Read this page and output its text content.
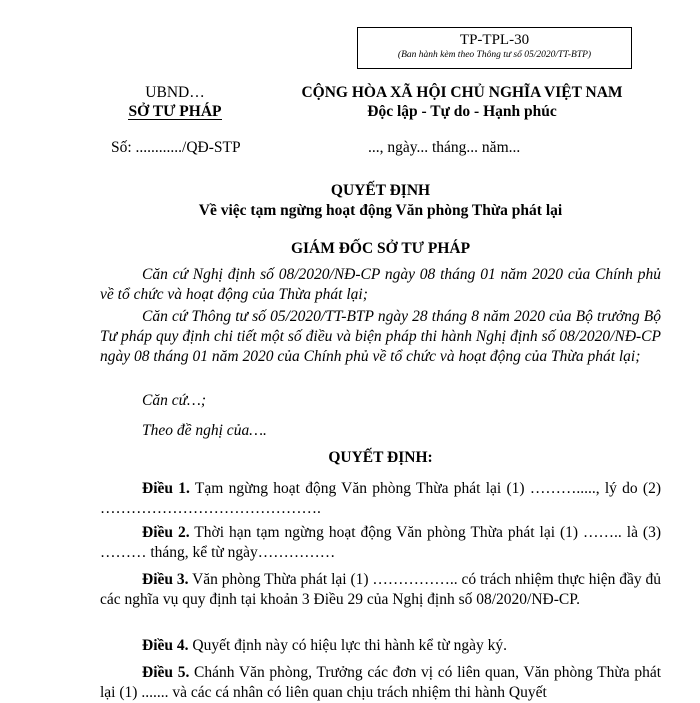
TP-TPL-30
(Ban hành kèm theo Thông tư số 05/2020/TT-BTP)
UBND…
SỞ TƯ PHÁP
CỘNG HÒA XÃ HỘI CHỦ NGHĨA VIỆT NAM
Độc lập - Tự do - Hạnh phúc
Số: ............/QĐ-STP	..., ngày... tháng... năm...
QUYẾT ĐỊNH
Về việc tạm ngừng hoạt động Văn phòng Thừa phát lại
GIÁM ĐỐC SỞ TƯ PHÁP
Căn cứ Nghị định số 08/2020/NĐ-CP ngày 08 tháng 01 năm 2020 của Chính phủ về tổ chức và hoạt động của Thừa phát lại;
Căn cứ Thông tư số 05/2020/TT-BTP ngày 28 tháng 8 năm 2020 của Bộ trưởng Bộ Tư pháp quy định chi tiết một số điều và biện pháp thi hành Nghị định số 08/2020/NĐ-CP ngày 08 tháng 01 năm 2020 của Chính phủ về tổ chức và hoạt động của Thừa phát lại;
Căn cứ…;
Theo đề nghị của….
QUYẾT ĐỊNH:
Điều 1. Tạm ngừng hoạt động Văn phòng Thừa phát lại (1) ………....., lý do (2) …………………………………….
Điều 2. Thời hạn tạm ngừng hoạt động Văn phòng Thừa phát lại (1) …….. là (3) ……… tháng, kể từ ngày……………
Điều 3. Văn phòng Thừa phát lại (1) …………….. có trách nhiệm thực hiện đầy đủ các nghĩa vụ quy định tại khoản 3 Điều 29 của Nghị định số 08/2020/NĐ-CP.
Điều 4. Quyết định này có hiệu lực thi hành kể từ ngày ký.
Điều 5. Chánh Văn phòng, Trưởng các đơn vị có liên quan, Văn phòng Thừa phát lại (1) ....... và các cá nhân có liên quan chịu trách nhiệm thi hành Quyết
